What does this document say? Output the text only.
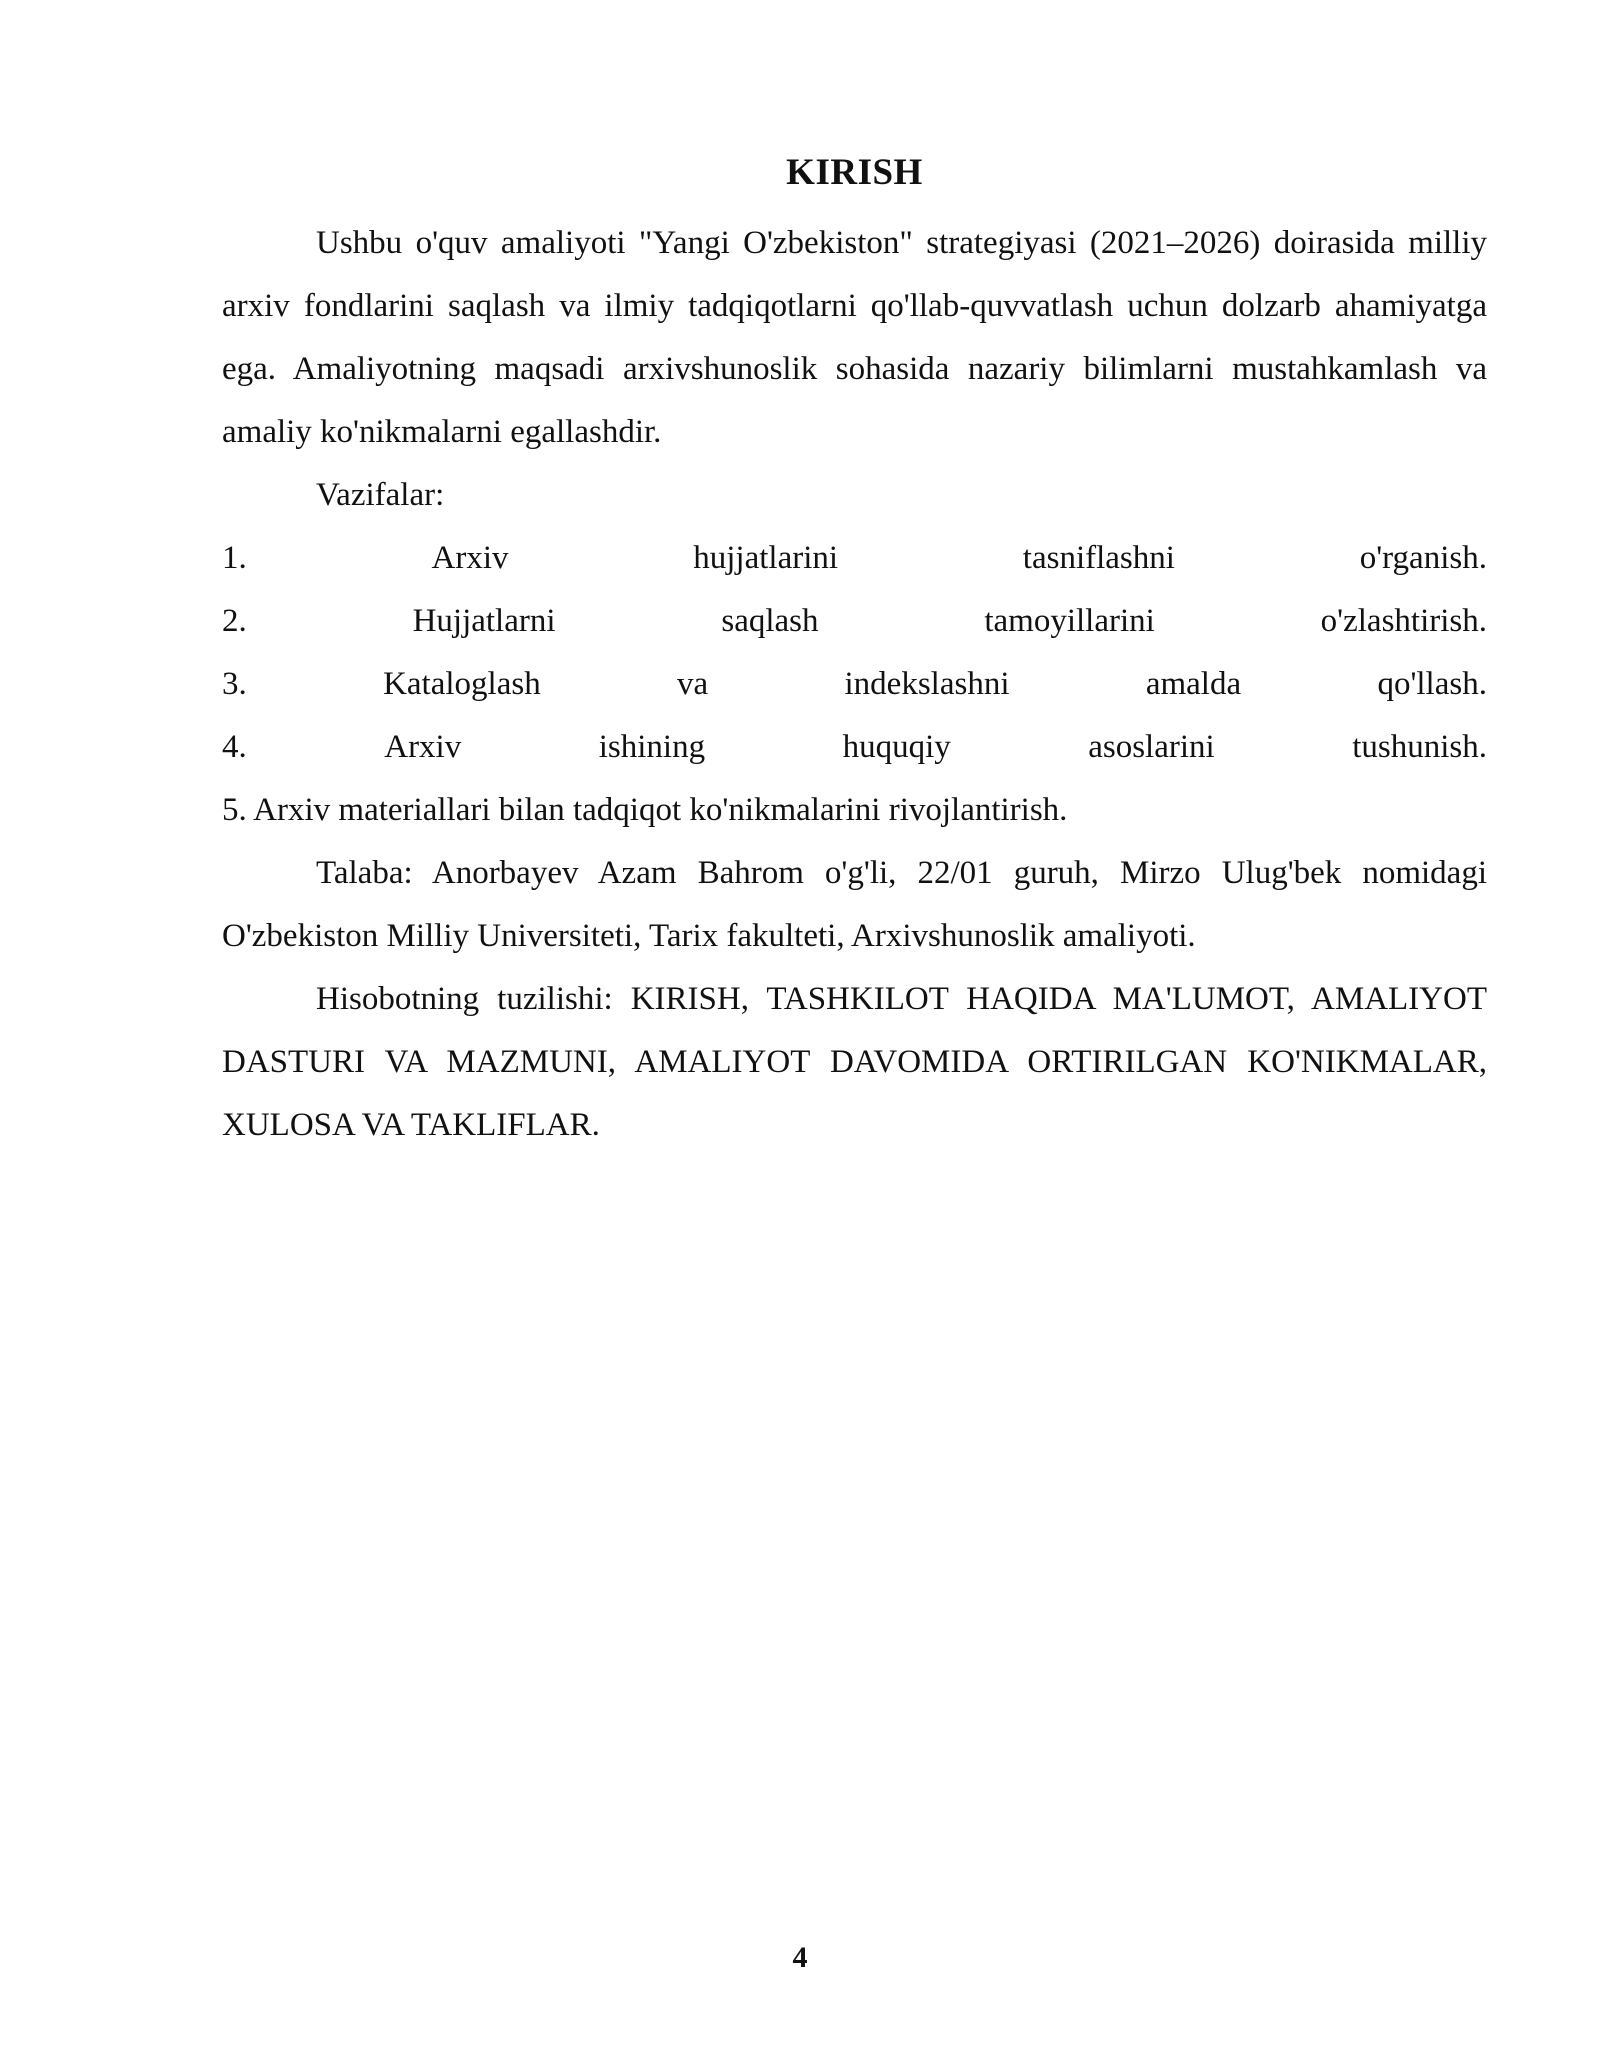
KIRISH

Ushbu o'quv amaliyoti "Yangi O'zbekiston" strategiyasi (2021–2026) doirasida milliy arxiv fondlarini saqlash va ilmiy tadqiqotlarni qo'llab-quvvatlash uchun dolzarb ahamiyatga ega. Amaliyotning maqsadi arxivshunoslik sohasida nazariy bilimlarni mustahkamlash va amaliy ko'nikmalarni egallashdir.

Vazifalar:

1.	Arxiv	hujjatlarini	tasniflashni	o'rganish.
2.	Hujjatlarni	saqlash	tamoyillarini	o'zlashtirish.
3.	Kataloglash	va	indekslashni	amalda	qo'llash.
4.	Arxiv	ishining	huquqiy	asoslarini	tushunish.

5. Arxiv materiallari bilan tadqiqot ko'nikmalarini rivojlantirish.

Talaba: Anorbayev Azam Bahrom o'g'li, 22/01 guruh, Mirzo Ulug'bek nomidagi O'zbekiston Milliy Universiteti, Tarix fakulteti, Arxivshunoslik amaliyoti.

Hisobotning tuzilishi: KIRISH, TASHKILOT HAQIDA MA'LUMOT, AMALIYOT DASTURI VA MAZMUNI, AMALIYOT DAVOMIDA ORTIRILGAN KO'NIKMALAR, XULOSA VA TAKLIFLAR.

4
